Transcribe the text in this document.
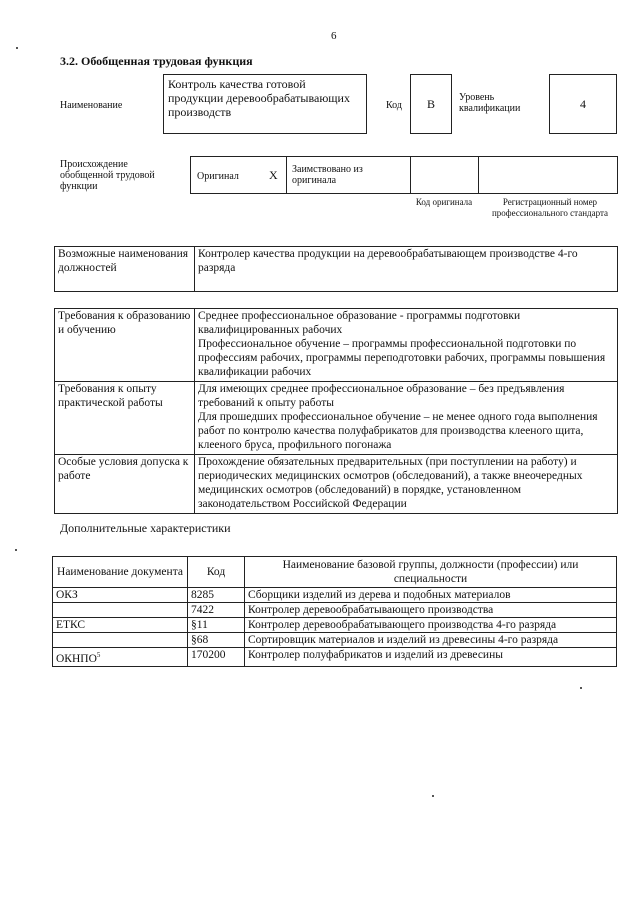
6
3.2. Обобщенная трудовая функция
Наименование
Контроль качества готовой продукции деревообрабатывающих производств	Код	B	Уровень квалификации	4
Происхождение обобщенной трудовой функции
Оригинал	X Заимствовано из оригинала
Код оригинала	Регистрационный номер профессионального стандарта
Возможные наименования должностей	Контролер качества продукции на деревообрабатывающем производстве 4-го разряда
Требования к образованию и обучению	Среднее профессиональное образование - программы подготовки квалифицированных рабочих
Профессиональное обучение – программы профессиональной подготовки по профессиям рабочих, программы переподготовки рабочих, программы повышения квалификации рабочих
Требования к опыту практической работы	Для имеющих среднее профессиональное образование – без предъявления требований к опыту работы
Для прошедших профессиональное обучение – не менее одного года выполнения работ по контролю качества полуфабрикатов для производства клееного щита, клееного бруса, профильного погонажа
Особые условия допуска к работе	Прохождение обязательных предварительных (при поступлении на работу) и периодических медицинских осмотров (обследований), а также внеочередных медицинских осмотров (обследований) в порядке, установленном законодательством Российской Федерации
Дополнительные характеристики
Наименование документа	Код	Наименование базовой группы, должности (профессии) или специальности
ОКЗ	8285	Сборщики изделий из дерева и подобных материалов
	7422	Контролер деревообрабатывающего производства
ЕТКС	§11	Контролер деревообрабатывающего производства 4-го разряда
	§68	Сортировщик материалов и изделий из древесины 4-го разряда
ОКНПО$^5$	170200	Контролер полуфабрикатов и изделий из древесины
